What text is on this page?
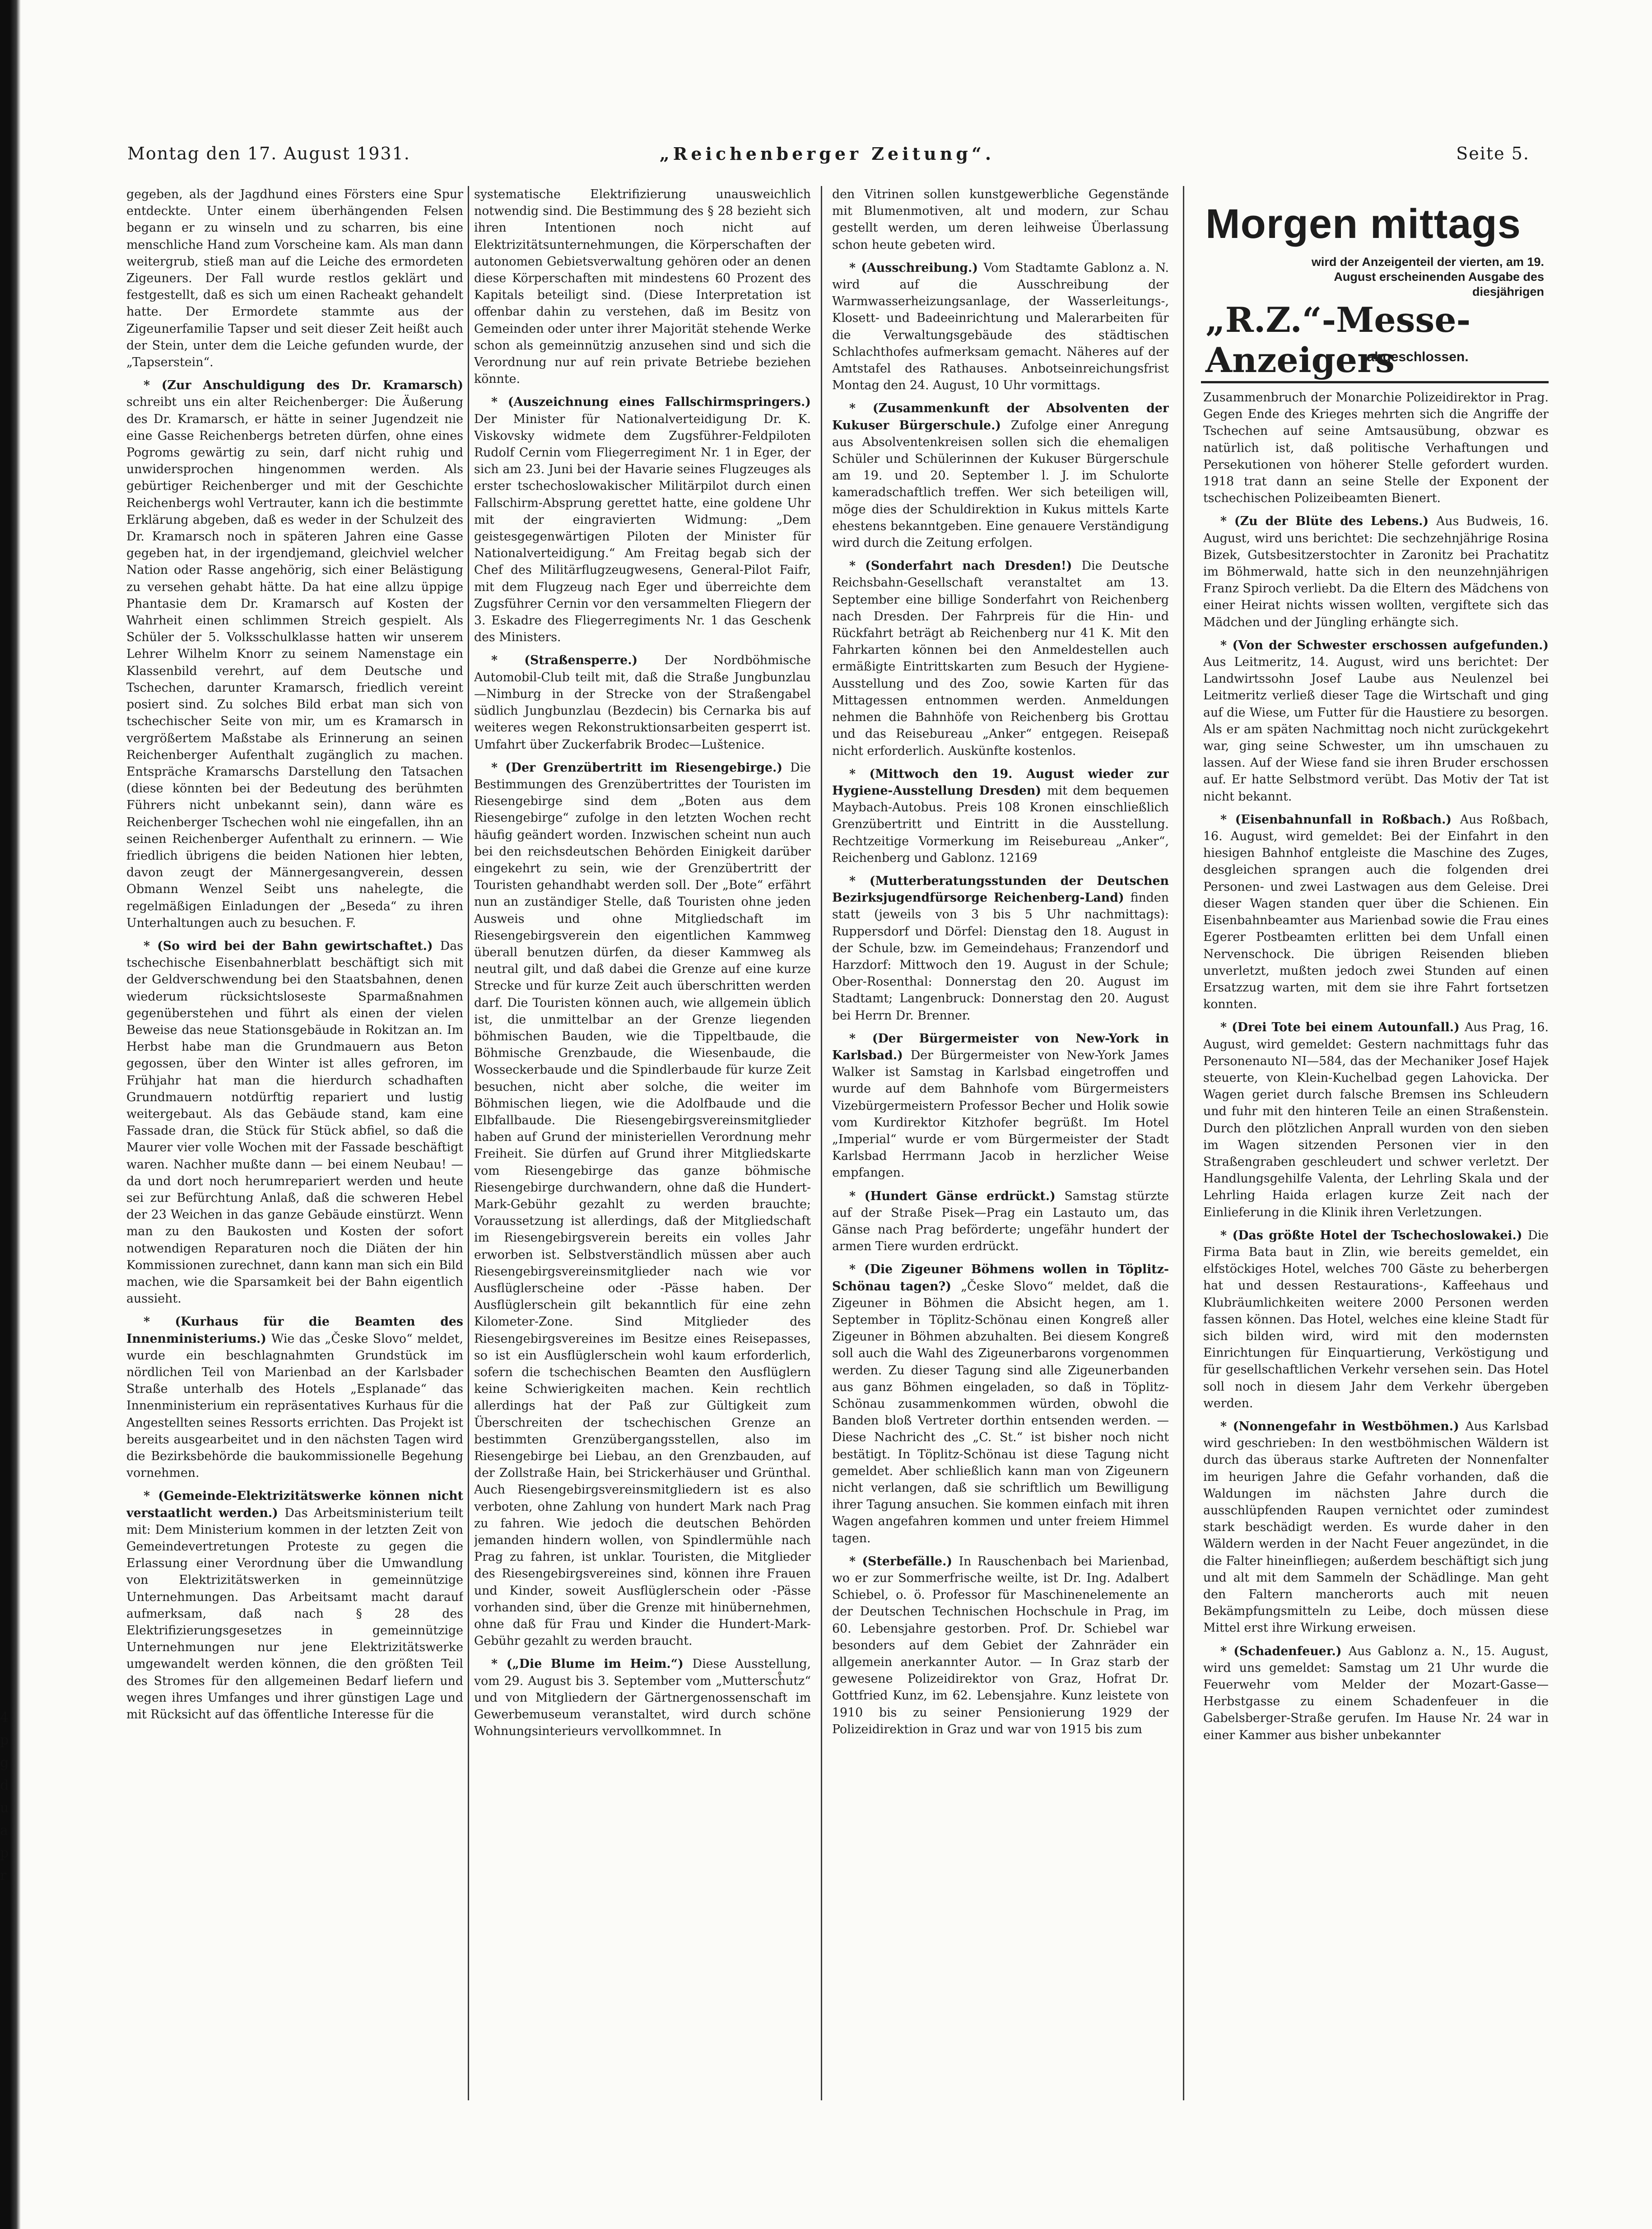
Montag den 17. August 1931.	„Reichenberger Zeitung“.	Seite 5.

gegeben, als der Jagdhund eines Försters eine Spur entdeckte. Unter einem überhängenden Felsen begann er zu winseln und zu scharren, bis eine menschliche Hand zum Vorscheine kam. Als man dann weitergrub, stieß man auf die Leiche des ermordeten Zigeuners. Der Fall wurde restlos geklärt und festgestellt, daß es sich um einen Racheakt gehandelt hatte. Der Ermordete stammte aus der Zigeunerfamilie Tapser und seit dieser Zeit heißt auch der Stein, unter dem die Leiche gefunden wurde, der „Tapserstein“.

* (Zur Anschuldigung des Dr. Kramarsch) schreibt uns ein alter Reichenberger: Die Äußerung des Dr. Kramarsch, er hätte in seiner Jugendzeit nie eine Gasse Reichenbergs betreten dürfen, ohne eines Pogroms gewärtig zu sein, darf nicht ruhig und unwidersprochen hingenommen werden. Als gebürtiger Reichenberger und mit der Geschichte Reichenbergs wohl Vertrauter, kann ich die bestimmte Erklärung abgeben, daß es weder in der Schulzeit des Dr. Kramarsch noch in späteren Jahren eine Gasse gegeben hat, in der irgendjemand, gleichviel welcher Nation oder Rasse angehörig, sich einer Belästigung zu versehen gehabt hätte. Da hat eine allzu üppige Phantasie dem Dr. Kramarsch auf Kosten der Wahrheit einen schlimmen Streich gespielt. Als Schüler der 5. Volksschulklasse hatten wir unserem Lehrer Wilhelm Knorr zu seinem Namenstage ein Klassenbild verehrt, auf dem Deutsche und Tschechen, darunter Kramarsch, friedlich vereint posiert sind. Zu solches Bild erbat man sich von tschechischer Seite von mir, um es Kramarsch in vergrößertem Maßstabe als Erinnerung an seinen Reichenberger Aufenthalt zugänglich zu machen. Entspräche Kramarschs Darstellung den Tatsachen (diese könnten bei der Bedeutung des berühmten Führers nicht unbekannt sein), dann wäre es Reichenberger Tschechen wohl nie eingefallen, ihn an seinen Reichenberger Aufenthalt zu erinnern. — Wie friedlich übrigens die beiden Nationen hier lebten, davon zeugt der Männergesangverein, dessen Obmann Wenzel Seibt uns nahelegte, die regelmäßigen Einladungen der „Beseda“ zu ihren Unterhaltungen auch zu besuchen. F.

* (So wird bei der Bahn gewirtschaftet.) Das tschechische Eisenbahnerblatt beschäftigt sich mit der Geldverschwendung bei den Staatsbahnen, denen wiederum rücksichtsloseste Sparmaßnahmen gegenüberstehen und führt als einen der vielen Beweise das neue Stationsgebäude in Rokitzan an. Im Herbst habe man die Grundmauern aus Beton gegossen, über den Winter ist alles gefroren, im Frühjahr hat man die hierdurch schadhaften Grundmauern notdürftig repariert und lustig weitergebaut. Als das Gebäude stand, kam eine Fassade dran, die Stück für Stück abfiel, so daß die Maurer vier volle Wochen mit der Fassade beschäftigt waren. Nachher mußte dann — bei einem Neubau! — da und dort noch herumrepariert werden und heute sei zur Befürchtung Anlaß, daß die schweren Hebel der 23 Weichen in das ganze Gebäude einstürzt. Wenn man zu den Baukosten und Kosten der sofort notwendigen Reparaturen noch die Diäten der hin Kommissionen zurechnet, dann kann man sich ein Bild machen, wie die Sparsamkeit bei der Bahn eigentlich aussieht.

* (Kurhaus für die Beamten des Innenministeriums.) Wie das „Česke Slovo“ meldet, wurde ein beschlagnahmten Grundstück im nördlichen Teil von Marienbad an der Karlsbader Straße unterhalb des Hotels „Esplanade“ das Innenministerium ein repräsentatives Kurhaus für die Angestellten seines Ressorts errichten. Das Projekt ist bereits ausgearbeitet und in den nächsten Tagen wird die Bezirksbehörde die baukommissionelle Begehung vornehmen.

* (Gemeinde-Elektrizitätswerke können nicht verstaatlicht werden.) Das Arbeitsministerium teilt mit: Dem Ministerium kommen in der letzten Zeit von Gemeindevertretungen Proteste zu gegen die Erlassung einer Verordnung über die Umwandlung von Elektrizitätswerken in gemeinnützige Unternehmungen. Das Arbeitsamt macht darauf aufmerksam, daß nach § 28 des Elektrifizierungsgesetzes in gemeinnützige Unternehmungen nur jene Elektrizitätswerke umgewandelt werden können, die den größten Teil des Stromes für den allgemeinen Bedarf liefern und wegen ihres Umfanges und ihrer günstigen Lage und mit Rücksicht auf das öffentliche Interesse für die

systematische Elektrifizierung unausweichlich notwendig sind. Die Bestimmung des § 28 bezieht sich ihren Intentionen noch nicht auf Elektrizitätsunternehmungen, die Körperschaften der autonomen Gebietsverwaltung gehören oder an denen diese Körperschaften mit mindestens 60 Prozent des Kapitals beteiligt sind. (Diese Interpretation ist offenbar dahin zu verstehen, daß im Besitz von Gemeinden oder unter ihrer Majorität stehende Werke schon als gemeinnützig anzusehen sind und sich die Verordnung nur auf rein private Betriebe beziehen könnte.

* (Auszeichnung eines Fallschirmspringers.) Der Minister für Nationalverteidigung Dr. K. Viskovsky widmete dem Zugsführer-Feldpiloten Rudolf Cernin vom Fliegerregiment Nr. 1 in Eger, der sich am 23. Juni bei der Havarie seines Flugzeuges als erster tschechoslowakischer Militärpilot durch einen Fallschirm-Absprung gerettet hatte, eine goldene Uhr mit der eingravierten Widmung: „Dem geistesgegenwärtigen Piloten der Minister für Nationalverteidigung.“ Am Freitag begab sich der Chef des Militärflugzeugwesens, General-Pilot Faifr, mit dem Flugzeug nach Eger und überreichte dem Zugsführer Cernin vor den versammelten Fliegern der 3. Eskadre des Fliegerregiments Nr. 1 das Geschenk des Ministers.

* (Straßensperre.) Der Nordböhmische Automobil-Club teilt mit, daß die Straße Jungbunzlau—Nimburg in der Strecke von der Straßengabel südlich Jungbunzlau (Bezdecin) bis Cernarka bis auf weiteres wegen Rekonstruktionsarbeiten gesperrt ist. Umfahrt über Zuckerfabrik Brodec—Luštenice.

* (Der Grenzübertritt im Riesengebirge.) Die Bestimmungen des Grenzübertrittes der Touristen im Riesengebirge sind dem „Boten aus dem Riesengebirge“ zufolge in den letzten Wochen recht häufig geändert worden. Inzwischen scheint nun auch bei den reichsdeutschen Behörden Einigkeit darüber eingekehrt zu sein, wie der Grenzübertritt der Touristen gehandhabt werden soll. Der „Bote“ erfährt nun an zuständiger Stelle, daß Touristen ohne jeden Ausweis und ohne Mitgliedschaft im Riesengebirgsverein den eigentlichen Kammweg überall benutzen dürfen, da dieser Kammweg als neutral gilt, und daß dabei die Grenze auf eine kurze Strecke und für kurze Zeit auch überschritten werden darf. Die Touristen können auch, wie allgemein üblich ist, die unmittelbar an der Grenze liegenden böhmischen Bauden, wie die Tippeltbaude, die Böhmische Grenzbaude, die Wiesenbaude, die Wosseckerbaude und die Spindlerbaude für kurze Zeit besuchen, nicht aber solche, die weiter im Böhmischen liegen, wie die Adolfbaude und die Elbfallbaude. Die Riesengebirgsvereinsmitglieder haben auf Grund der ministeriellen Verordnung mehr Freiheit. Sie dürfen auf Grund ihrer Mitgliedskarte vom Riesengebirge das ganze böhmische Riesengebirge durchwandern, ohne daß die Hundert-Mark-Gebühr gezahlt zu werden brauchte; Voraussetzung ist allerdings, daß der Mitgliedschaft im Riesengebirgsverein bereits ein volles Jahr erworben ist. Selbstverständlich müssen aber auch Riesengebirgsvereinsmitglieder nach wie vor Ausflüglerscheine oder -Pässe haben. Der Ausflüglerschein gilt bekanntlich für eine zehn Kilometer-Zone. Sind Mitglieder des Riesengebirgsvereines im Besitze eines Reisepasses, so ist ein Ausflüglerschein wohl kaum erforderlich, sofern die tschechischen Beamten den Ausflüglern keine Schwierigkeiten machen. Kein rechtlich allerdings hat der Paß zur Gültigkeit zum Überschreiten der tschechischen Grenze an bestimmten Grenzübergangsstellen, also im Riesengebirge bei Liebau, an den Grenzbauden, auf der Zollstraße Hain, bei Strickerhäuser und Grünthal. Auch Riesengebirgsvereinsmitgliedern ist es also verboten, ohne Zahlung von hundert Mark nach Prag zu fahren. Wie jedoch die deutschen Behörden jemanden hindern wollen, von Spindlermühle nach Prag zu fahren, ist unklar. Touristen, die Mitglieder des Riesengebirgsvereines sind, können ihre Frauen und Kinder, soweit Ausflüglerschein oder -Pässe vorhanden sind, über die Grenze mit hinübernehmen, ohne daß für Frau und Kinder die Hundert-Mark-Gebühr gezahlt zu werden braucht.

* („Die Blume im Heim.“) Diese Ausstellung, vom 29. August bis 3. September vom „Muttersch̊utz“ und von Mitgliedern der Gärtnergenossenschaft im Gewerbemuseum veranstaltet, wird durch schöne Wohnungsinterieurs vervollkommnet. In

den Vitrinen sollen kunstgewerbliche Gegenstände mit Blumenmotiven, alt und modern, zur Schau gestellt werden, um deren leihweise Überlassung schon heute gebeten wird.

* (Ausschreibung.) Vom Stadtamte Gablonz a. N. wird auf die Ausschreibung der Warmwasserheizungsanlage, der Wasserleitungs-, Klosett- und Badeeinrichtung und Malerarbeiten für die Verwaltungsgebäude des städtischen Schlachthofes aufmerksam gemacht. Näheres auf der Amtstafel des Rathauses. Anbotseinreichungsfrist Montag den 24. August, 10 Uhr vormittags.

* (Zusammenkunft der Absolventen der Kukuser Bürgerschule.) Zufolge einer Anregung aus Absolventenkreisen sollen sich die ehemaligen Schüler und Schülerinnen der Kukuser Bürgerschule am 19. und 20. September l. J. im Schulorte kameradschaftlich treffen. Wer sich beteiligen will, möge dies der Schuldirektion in Kukus mittels Karte ehestens bekanntgeben. Eine genauere Verständigung wird durch die Zeitung erfolgen.

* (Sonderfahrt nach Dresden!) Die Deutsche Reichsbahn-Gesellschaft veranstaltet am 13. September eine billige Sonderfahrt von Reichenberg nach Dresden. Der Fahrpreis für die Hin- und Rückfahrt beträgt ab Reichenberg nur 41 K. Mit den Fahrkarten können bei den Anmeldestellen auch ermäßigte Eintrittskarten zum Besuch der Hygiene-Ausstellung und des Zoo, sowie Karten für das Mittagessen entnommen werden. Anmeldungen nehmen die Bahnhöfe von Reichenberg bis Grottau und das Reisebureau „Anker“ entgegen. Reisepaß nicht erforderlich. Auskünfte kostenlos.

* (Mittwoch den 19. August wieder zur Hygiene-Ausstellung Dresden) mit dem bequemen Maybach-Autobus. Preis 108 Kronen einschließlich Grenzübertritt und Eintritt in die Ausstellung. Rechtzeitige Vormerkung im Reisebureau „Anker“, Reichenberg und Gablonz. 12169

* (Mutterberatungsstunden der Deutschen Bezirksjugendfürsorge Reichenberg-Land) finden statt (jeweils von 3 bis 5 Uhr nachmittags): Ruppersdorf und Dörfel: Dienstag den 18. August in der Schule, bzw. im Gemeindehaus; Franzendorf und Harzdorf: Mittwoch den 19. August in der Schule; Ober-Rosenthal: Donnerstag den 20. August im Stadtamt; Langenbruck: Donnerstag den 20. August bei Herrn Dr. Brenner.

* (Der Bürgermeister von New-York in Karlsbad.) Der Bürgermeister von New-York James Walker ist Samstag in Karlsbad eingetroffen und wurde auf dem Bahnhofe vom Bürgermeisters Vizebürgermeistern Professor Becher und Holik sowie vom Kurdirektor Kitzhofer begrüßt. Im Hotel „Imperial“ wurde er vom Bürgermeister der Stadt Karlsbad Herrmann Jacob in herzlicher Weise empfangen.

* (Hundert Gänse erdrückt.) Samstag stürzte auf der Straße Pisek—Prag ein Lastauto um, das Gänse nach Prag beförderte; ungefähr hundert der armen Tiere wurden erdrückt.

* (Die Zigeuner Böhmens wollen in Töplitz-Schönau tagen?) „Česke Slovo“ meldet, daß die Zigeuner in Böhmen die Absicht hegen, am 1. September in Töplitz-Schönau einen Kongreß aller Zigeuner in Böhmen abzuhalten. Bei diesem Kongreß soll auch die Wahl des Zigeunerbarons vorgenommen werden. Zu dieser Tagung sind alle Zigeunerbanden aus ganz Böhmen eingeladen, so daß in Töplitz-Schönau zusammenkommen würden, obwohl die Banden bloß Vertreter dorthin entsenden werden. — Diese Nachricht des „C. St.“ ist bisher noch nicht bestätigt. In Töplitz-Schönau ist diese Tagung nicht gemeldet. Aber schließlich kann man von Zigeunern nicht verlangen, daß sie schriftlich um Bewilligung ihrer Tagung ansuchen. Sie kommen einfach mit ihren Wagen angefahren kommen und unter freiem Himmel tagen.

* (Sterbefälle.) In Rauschenbach bei Marienbad, wo er zur Sommerfrische weilte, ist Dr. Ing. Adalbert Schiebel, o. ö. Professor für Maschinenelemente an der Deutschen Technischen Hochschule in Prag, im 60. Lebensjahre gestorben. Prof. Dr. Schiebel war besonders auf dem Gebiet der Zahnräder ein allgemein anerkannter Autor. — In Graz starb der gewesene Polizeidirektor von Graz, Hofrat Dr. Gottfried Kunz, im 62. Lebensjahre. Kunz leistete von 1910 bis zu seiner Pensionierung 1929 der Polizeidirektion in Graz und war von 1915 bis zum

Morgen mittags
wird der Anzeigenteil der vierten, am 19. August erscheinenden Ausgabe des diesjährigen
„R.Z.“-Messe-Anzeigers
abgeschlossen.

Zusammenbruch der Monarchie Polizeidirektor in Prag. Gegen Ende des Krieges mehrten sich die Angriffe der Tschechen auf seine Amtsausübung, obzwar es natürlich ist, daß politische Verhaftungen und Persekutionen von höherer Stelle gefordert wurden. 1918 trat dann an seine Stelle der Exponent der tschechischen Polizeibeamten Bienert.

* (Zu der Blüte des Lebens.) Aus Budweis, 16. August, wird uns berichtet: Die sechzehnjährige Rosina Bizek, Gutsbesitzerstochter in Zaronitz bei Prachatitz im Böhmerwald, hatte sich in den neunzehnjährigen Franz Spiroch verliebt. Da die Eltern des Mädchens von einer Heirat nichts wissen wollten, vergiftete sich das Mädchen und der Jüngling erhängte sich.

* (Von der Schwester erschossen aufgefunden.) Aus Leitmeritz, 14. August, wird uns berichtet: Der Landwirtssohn Josef Laube aus Neulenzel bei Leitmeritz verließ dieser Tage die Wirtschaft und ging auf die Wiese, um Futter für die Haustiere zu besorgen. Als er am späten Nachmittag noch nicht zurückgekehrt war, ging seine Schwester, um ihn umschauen zu lassen. Auf der Wiese fand sie ihren Bruder erschossen auf. Er hatte Selbstmord verübt. Das Motiv der Tat ist nicht bekannt.

* (Eisenbahnunfall in Roßbach.) Aus Roßbach, 16. August, wird gemeldet: Bei der Einfahrt in den hiesigen Bahnhof entgleiste die Maschine des Zuges, desgleichen sprangen auch die folgenden drei Personen- und zwei Lastwagen aus dem Geleise. Drei dieser Wagen standen quer über die Schienen. Ein Eisenbahnbeamter aus Marienbad sowie die Frau eines Egerer Postbeamten erlitten bei dem Unfall einen Nervenschock. Die übrigen Reisenden blieben unverletzt, mußten jedoch zwei Stunden auf einen Ersatzzug warten, mit dem sie ihre Fahrt fortsetzen konnten.

* (Drei Tote bei einem Autounfall.) Aus Prag, 16. August, wird gemeldet: Gestern nachmittags fuhr das Personenauto NI—584, das der Mechaniker Josef Hajek steuerte, von Klein-Kuchelbad gegen Lahovicka. Der Wagen geriet durch falsche Bremsen ins Schleudern und fuhr mit den hinteren Teile an einen Straßenstein. Durch den plötzlichen Anprall wurden von den sieben im Wagen sitzenden Personen vier in den Straßengraben geschleudert und schwer verletzt. Der Handlungsgehilfe Valenta, der Lehrling Skala und der Lehrling Haida erlagen kurze Zeit nach der Einlieferung in die Klinik ihren Verletzungen.

* (Das größte Hotel der Tschechoslowakei.) Die Firma Bata baut in Zlin, wie bereits gemeldet, ein elfstöckiges Hotel, welches 700 Gäste zu beherbergen hat und dessen Restaurations-, Kaffeehaus und Klubräumlichkeiten weitere 2000 Personen werden fassen können. Das Hotel, welches eine kleine Stadt für sich bilden wird, wird mit den modernsten Einrichtungen für Einquartierung, Verköstigung und für gesellschaftlichen Verkehr versehen sein. Das Hotel soll noch in diesem Jahr dem Verkehr übergeben werden.

* (Nonnengefahr in Westböhmen.) Aus Karlsbad wird geschrieben: In den westböhmischen Wäldern ist durch das überaus starke Auftreten der Nonnenfalter im heurigen Jahre die Gefahr vorhanden, daß die Waldungen im nächsten Jahre durch die ausschlüpfenden Raupen vernichtet oder zumindest stark beschädigt werden. Es wurde daher in den Wäldern werden in der Nacht Feuer angezündet, in die die Falter hineinfliegen; außerdem beschäftigt sich jung und alt mit dem Sammeln der Schädlinge. Man geht den Faltern mancherorts auch mit neuen Bekämpfungsmitteln zu Leibe, doch müssen diese Mittel erst ihre Wirkung erweisen.

* (Schadenfeuer.) Aus Gablonz a. N., 15. August, wird uns gemeldet: Samstag um 21 Uhr wurde die Feuerwehr vom Melder der Mozart-Gasse—Herbstgasse zu einem Schadenfeuer in die Gabelsberger-Straße gerufen. Im Hause Nr. 24 war in einer Kammer aus bisher unbekannter

4
p
g
d
u
a
p
r
